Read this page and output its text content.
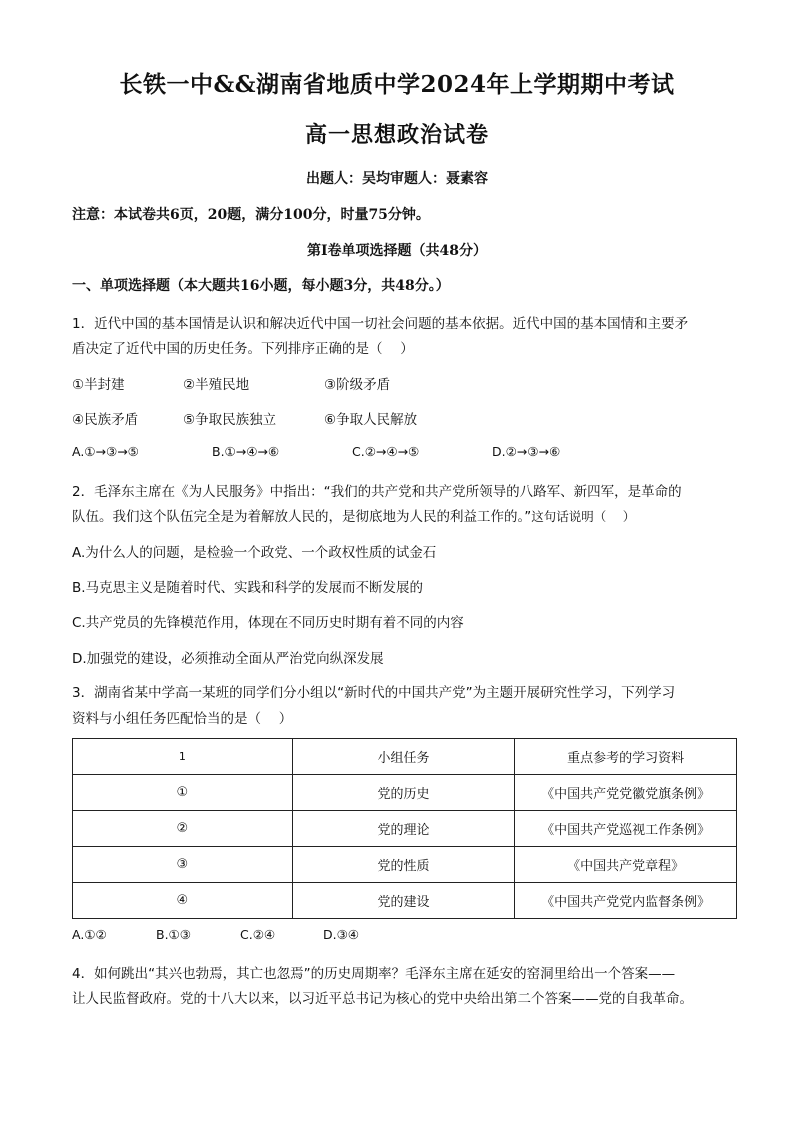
长铁一中&&湖南省地质中学2024年上学期期中考试
高一思想政治试卷
出题人：吴均审题人：聂素容
注意：本试卷共6页，20题，满分100分，时量75分钟。
第Ⅰ卷单项选择题（共48分）
一、单项选择题（本大题共16小题，每小题3分，共48分。）
1．近代中国的基本国情是认识和解决近代中国一切社会问题的基本依据。近代中国的基本国情和主要矛
盾决定了近代中国的历史任务。下列排序正确的是（　 ）
①半封建	②半殖民地	③阶级矛盾
④民族矛盾	⑤争取民族独立	⑥争取人民解放
A.①→③→⑤	B.①→④→⑥	C.②→④→⑤	D.②→③→⑥
2．毛泽东主席在《为人民服务》中指出：“我们的共产党和共产党所领导的八路军、新四军，是革命的
队伍。我们这个队伍完全是为着解放人民的，是彻底地为人民的利益工作的。”这句话说明（　 ）
A.为什么人的问题，是检验一个政党、一个政权性质的试金石
B.马克思主义是随着时代、实践和科学的发展而不断发展的
C.共产党员的先锋模范作用，体现在不同历史时期有着不同的内容
D.加强党的建设，必须推动全面从严治党向纵深发展
3．湖南省某中学高一某班的同学们分小组以“新时代的中国共产党”为主题开展研究性学习，下列学习
资料与小组任务匹配恰当的是（　 ）
1	小组任务	重点参考的学习资料
①	党的历史	《中国共产党党徽党旗条例》
②	党的理论	《中国共产党巡视工作条例》
③	党的性质	《中国共产党章程》
④	党的建设	《中国共产党党内监督条例》
A.①②	B.①③	C.②④	D.③④
4．如何跳出“其兴也勃焉，其亡也忽焉”的历史周期率？毛泽东主席在延安的窑洞里给出一个答案——
让人民监督政府。党的十八大以来，以习近平总书记为核心的党中央给出第二个答案——党的自我革命。
